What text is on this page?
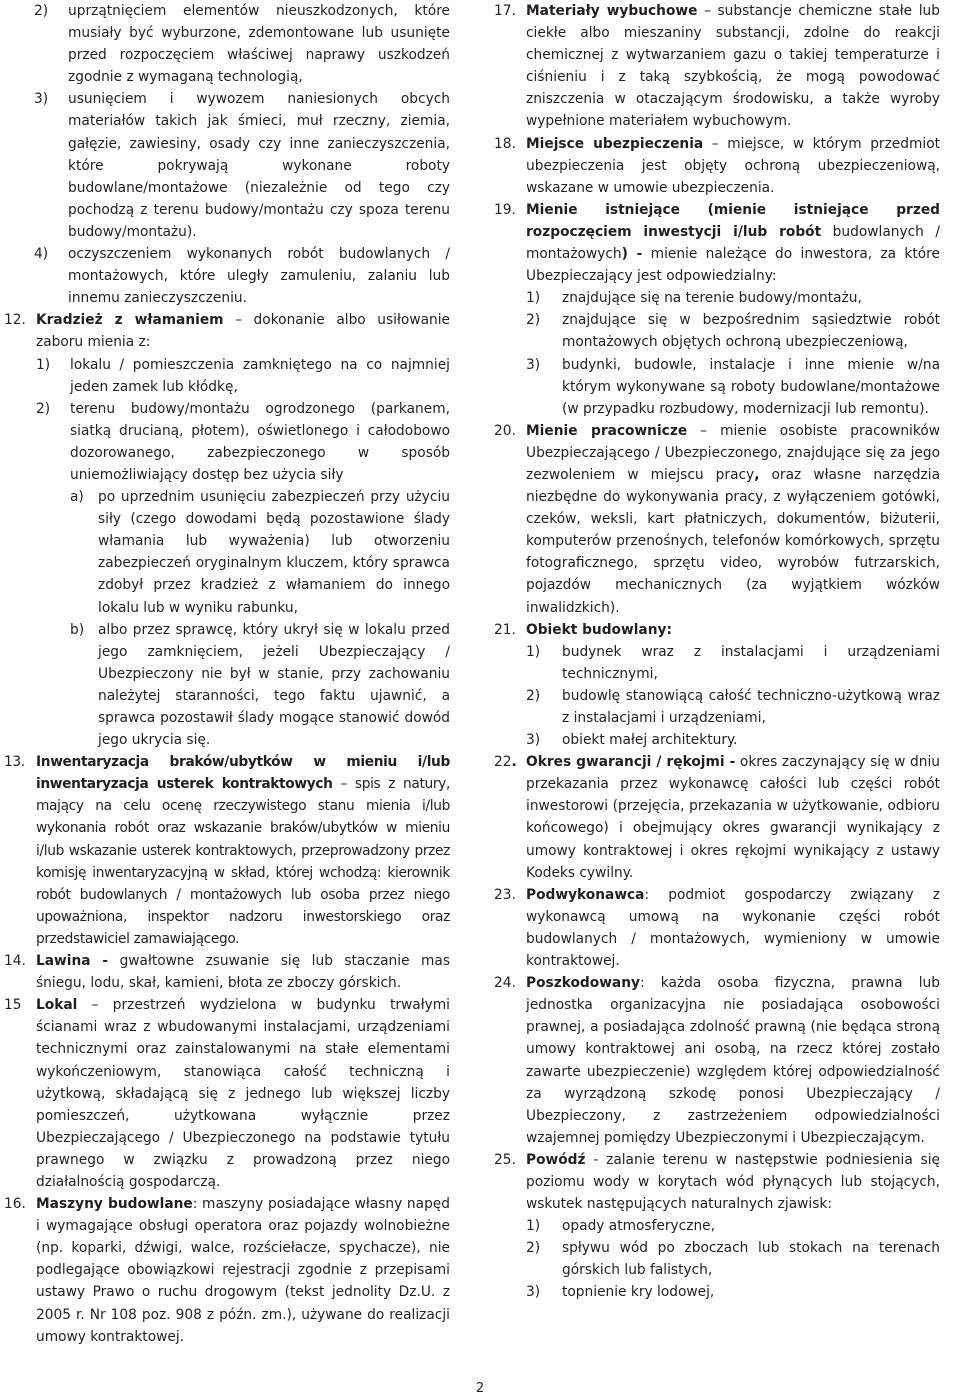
2)	uprzątnięciem elementów nieuszkodzonych, które musiały być wyburzone, zdemontowane lub usunięte przed rozpoczęciem właściwej naprawy uszkodzeń zgodnie z wymaganą technologią,
3)	usunięciem i wywozem naniesionych obcych materiałów takich jak śmieci, muł rzeczny, ziemia, gałęzie, zawiesiny, osady czy inne zanieczyszczenia, które pokrywają wykonane roboty budowlane/montażowe (niezależnie od tego czy pochodzą z terenu budowy/montażu czy spoza terenu budowy/montażu).
4)	oczyszczeniem wykonanych robót budowlanych / montażowych, które uległy zamuleniu, zalaniu lub innemu zanieczyszczeniu.
12. Kradzież z włamaniem – dokonanie albo usiłowanie zaboru mienia z:
1)	lokalu / pomieszczenia zamkniętego na co najmniej jeden zamek lub kłódkę,
2)	terenu budowy/montażu ogrodzonego (parkanem, siatką drucianą, płotem), oświetlonego i całodobowo dozorowanego, zabezpieczonego w sposób uniemożliwiający dostęp bez użycia siły
a)	po uprzednim usunięciu zabezpieczeń przy użyciu siły (czego dowodami będą pozostawione ślady włamania lub wyważenia) lub otworzeniu zabezpieczeń oryginalnym kluczem, który sprawca zdobył przez kradzież z włamaniem do innego lokalu lub w wyniku rabunku,
b)	albo przez sprawcę, który ukrył się w lokalu przed jego zamknięciem, jeżeli Ubezpieczający / Ubezpieczony nie był w stanie, przy zachowaniu należytej staranności, tego faktu ujawnić, a sprawca pozostawił ślady mogące stanowić dowód jego ukrycia się.
13. Inwentaryzacja braków/ubytków w mieniu i/lub inwentaryzacja usterek kontraktowych – spis z natury, mający na celu ocenę rzeczywistego stanu mienia i/lub wykonania robót oraz wskazanie braków/ubytków w mieniu i/lub wskazanie usterek kontraktowych, przeprowadzony przez komisję inwentaryzacyjną w skład, której wchodzą: kierownik robót budowlanych / montażowych lub osoba przez niego upoważniona, inspektor nadzoru inwestorskiego oraz przedstawiciel zamawiającego.
14. Lawina - gwałtowne zsuwanie się lub staczanie mas śniegu, lodu, skał, kamieni, błota ze zboczy górskich.
15	Lokal – przestrzeń wydzielona w budynku trwałymi ścianami wraz z wbudowanymi instalacjami, urządzeniami technicznymi oraz zainstalowanymi na stałe elementami wykończeniowym, stanowiąca całość techniczną i użytkową, składającą się z jednego lub większej liczby pomieszczeń, użytkowana wyłącznie przez Ubezpieczającego / Ubezpieczonego na podstawie tytułu prawnego w związku z prowadzoną przez niego działalnością gospodarczą.
16. Maszyny budowlane: maszyny posiadające własny napęd i wymagające obsługi operatora oraz pojazdy wolnobieżne (np. koparki, dźwigi, walce, rozściełacze, spychacze), nie podlegające obowiązkowi rejestracji zgodnie z przepisami ustawy Prawo o ruchu drogowym (tekst jednolity Dz.U. z 2005 r. Nr 108 poz. 908 z późn. zm.), używane do realizacji umowy kontraktowej.
17. Materiały wybuchowe – substancje chemiczne stałe lub ciekłe albo mieszaniny substancji, zdolne do reakcji chemicznej z wytwarzaniem gazu o takiej temperaturze i ciśnieniu i z taką szybkością, że mogą powodować zniszczenia w otaczającym środowisku, a także wyroby wypełnione materiałem wybuchowym.
18. Miejsce ubezpieczenia – miejsce, w którym przedmiot ubezpieczenia jest objęty ochroną ubezpieczeniową, wskazane w umowie ubezpieczenia.
19. Mienie istniejące (mienie istniejące przed rozpoczęciem inwestycji i/lub robót budowlanych / montażowych) - mienie należące do inwestora, za które Ubezpieczający jest odpowiedzialny:
1)	znajdujące się na terenie budowy/montażu,
2)	znajdujące się w bezpośrednim sąsiedztwie robót montażowych objętych ochroną ubezpieczeniową,
3)	budynki, budowle, instalacje i inne mienie w/na którym wykonywane są roboty budowlane/montażowe (w przypadku rozbudowy, modernizacji lub remontu).
20. Mienie pracownicze – mienie osobiste pracowników Ubezpieczającego / Ubezpieczonego, znajdujące się za jego zezwoleniem w miejscu pracy, oraz własne narzędzia niezbędne do wykonywania pracy, z wyłączeniem gotówki, czeków, weksli, kart płatniczych, dokumentów, biżuterii, komputerów przenośnych, telefonów komórkowych, sprzętu fotograficznego, sprzętu video, wyrobów futrzarskich, pojazdów mechanicznych (za wyjątkiem wózków inwalidzkich).
21. Obiekt budowlany:
1)	budynek wraz z instalacjami i urządzeniami technicznymi,
2)	budowlę stanowiącą całość techniczno-użytkową wraz z instalacjami i urządzeniami,
3)	obiekt małej architektury.
22. Okres gwarancji / rękojmi - okres zaczynający się w dniu przekazania przez wykonawcę całości lub części robót inwestorowi (przejęcia, przekazania w użytkowanie, odbioru końcowego) i obejmujący okres gwarancji wynikający z umowy kontraktowej i okres rękojmi wynikający z ustawy Kodeks cywilny.
23. Podwykonawca: podmiot gospodarczy związany z wykonawcą umową na wykonanie części robót budowlanych / montażowych, wymieniony w umowie kontraktowej.
24. Poszkodowany: każda osoba fizyczna, prawna lub jednostka organizacyjna nie posiadająca osobowości prawnej, a posiadająca zdolność prawną (nie będąca stroną umowy kontraktowej ani osobą, na rzecz której zostało zawarte ubezpieczenie) względem której odpowiedzialność za wyrządzoną szkodę ponosi Ubezpieczający / Ubezpieczony, z zastrzeżeniem odpowiedzialności wzajemnej pomiędzy Ubezpieczonymi i Ubezpieczającym.
25. Powódź - zalanie terenu w następstwie podniesienia się poziomu wody w korytach wód płynących lub stojących, wskutek następujących naturalnych zjawisk:
1)	opady atmosferyczne,
2)	spływu wód po zboczach lub stokach na terenach górskich lub falistych,
3)	topnienie kry lodowej,
2
